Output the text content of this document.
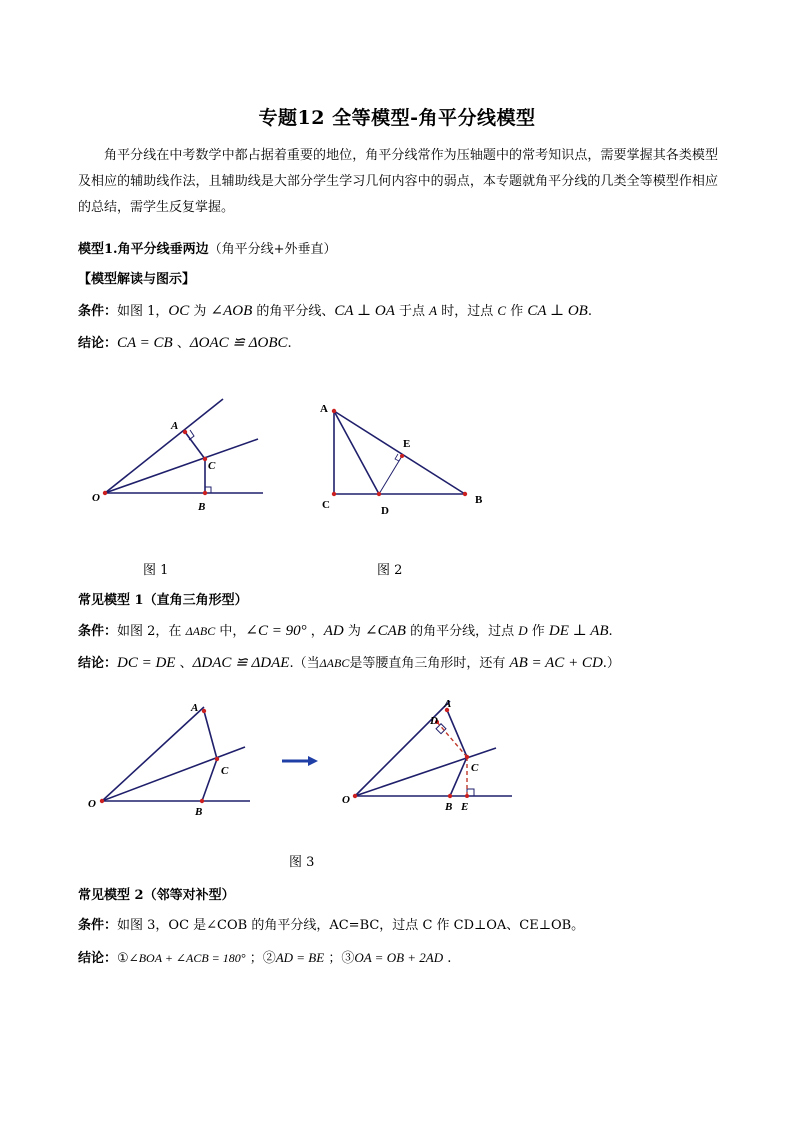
专题12 全等模型-角平分线模型
角平分线在中考数学中都占据着重要的地位，角平分线常作为压轴题中的常考知识点，需要掌握其各类模型及相应的辅助线作法，且辅助线是大部分学生学习几何内容中的弱点，本专题就角平分线的几类全等模型作相应的总结，需学生反复掌握。
模型1.角平分线垂两边（角平分线+外垂直）
【模型解读与图示】
条件：如图 1，OC 为 ∠AOB 的角平分线、CA ⊥ OA 于点 A 时，过点 C 作 CA ⊥ OB.
结论：CA = CB 、ΔOAC ≌ ΔOBC.
O
A
C
B
A
E
C	D
B
图 1	图 2
常见模型 1（直角三角形型）
条件：如图 2，在 ΔABC 中，∠C = 90° ，AD 为 ∠CAB 的角平分线，过点 D 作 DE ⊥ AB.
结论：DC = DE 、ΔDAC ≌ ΔDAE.（当ΔABC是等腰直角三角形时，还有 AB = AC + CD.）
O
A
C
B
O
D
A
C
B E
图 3
常见模型 2（邻等对补型）
条件：如图 3，OC 是∠COB 的角平分线，AC=BC，过点 C 作 CD⊥OA、CE⊥OB。
结论：①∠BOA + ∠ACB = 180° ；②AD = BE ；③OA = OB + 2AD .
